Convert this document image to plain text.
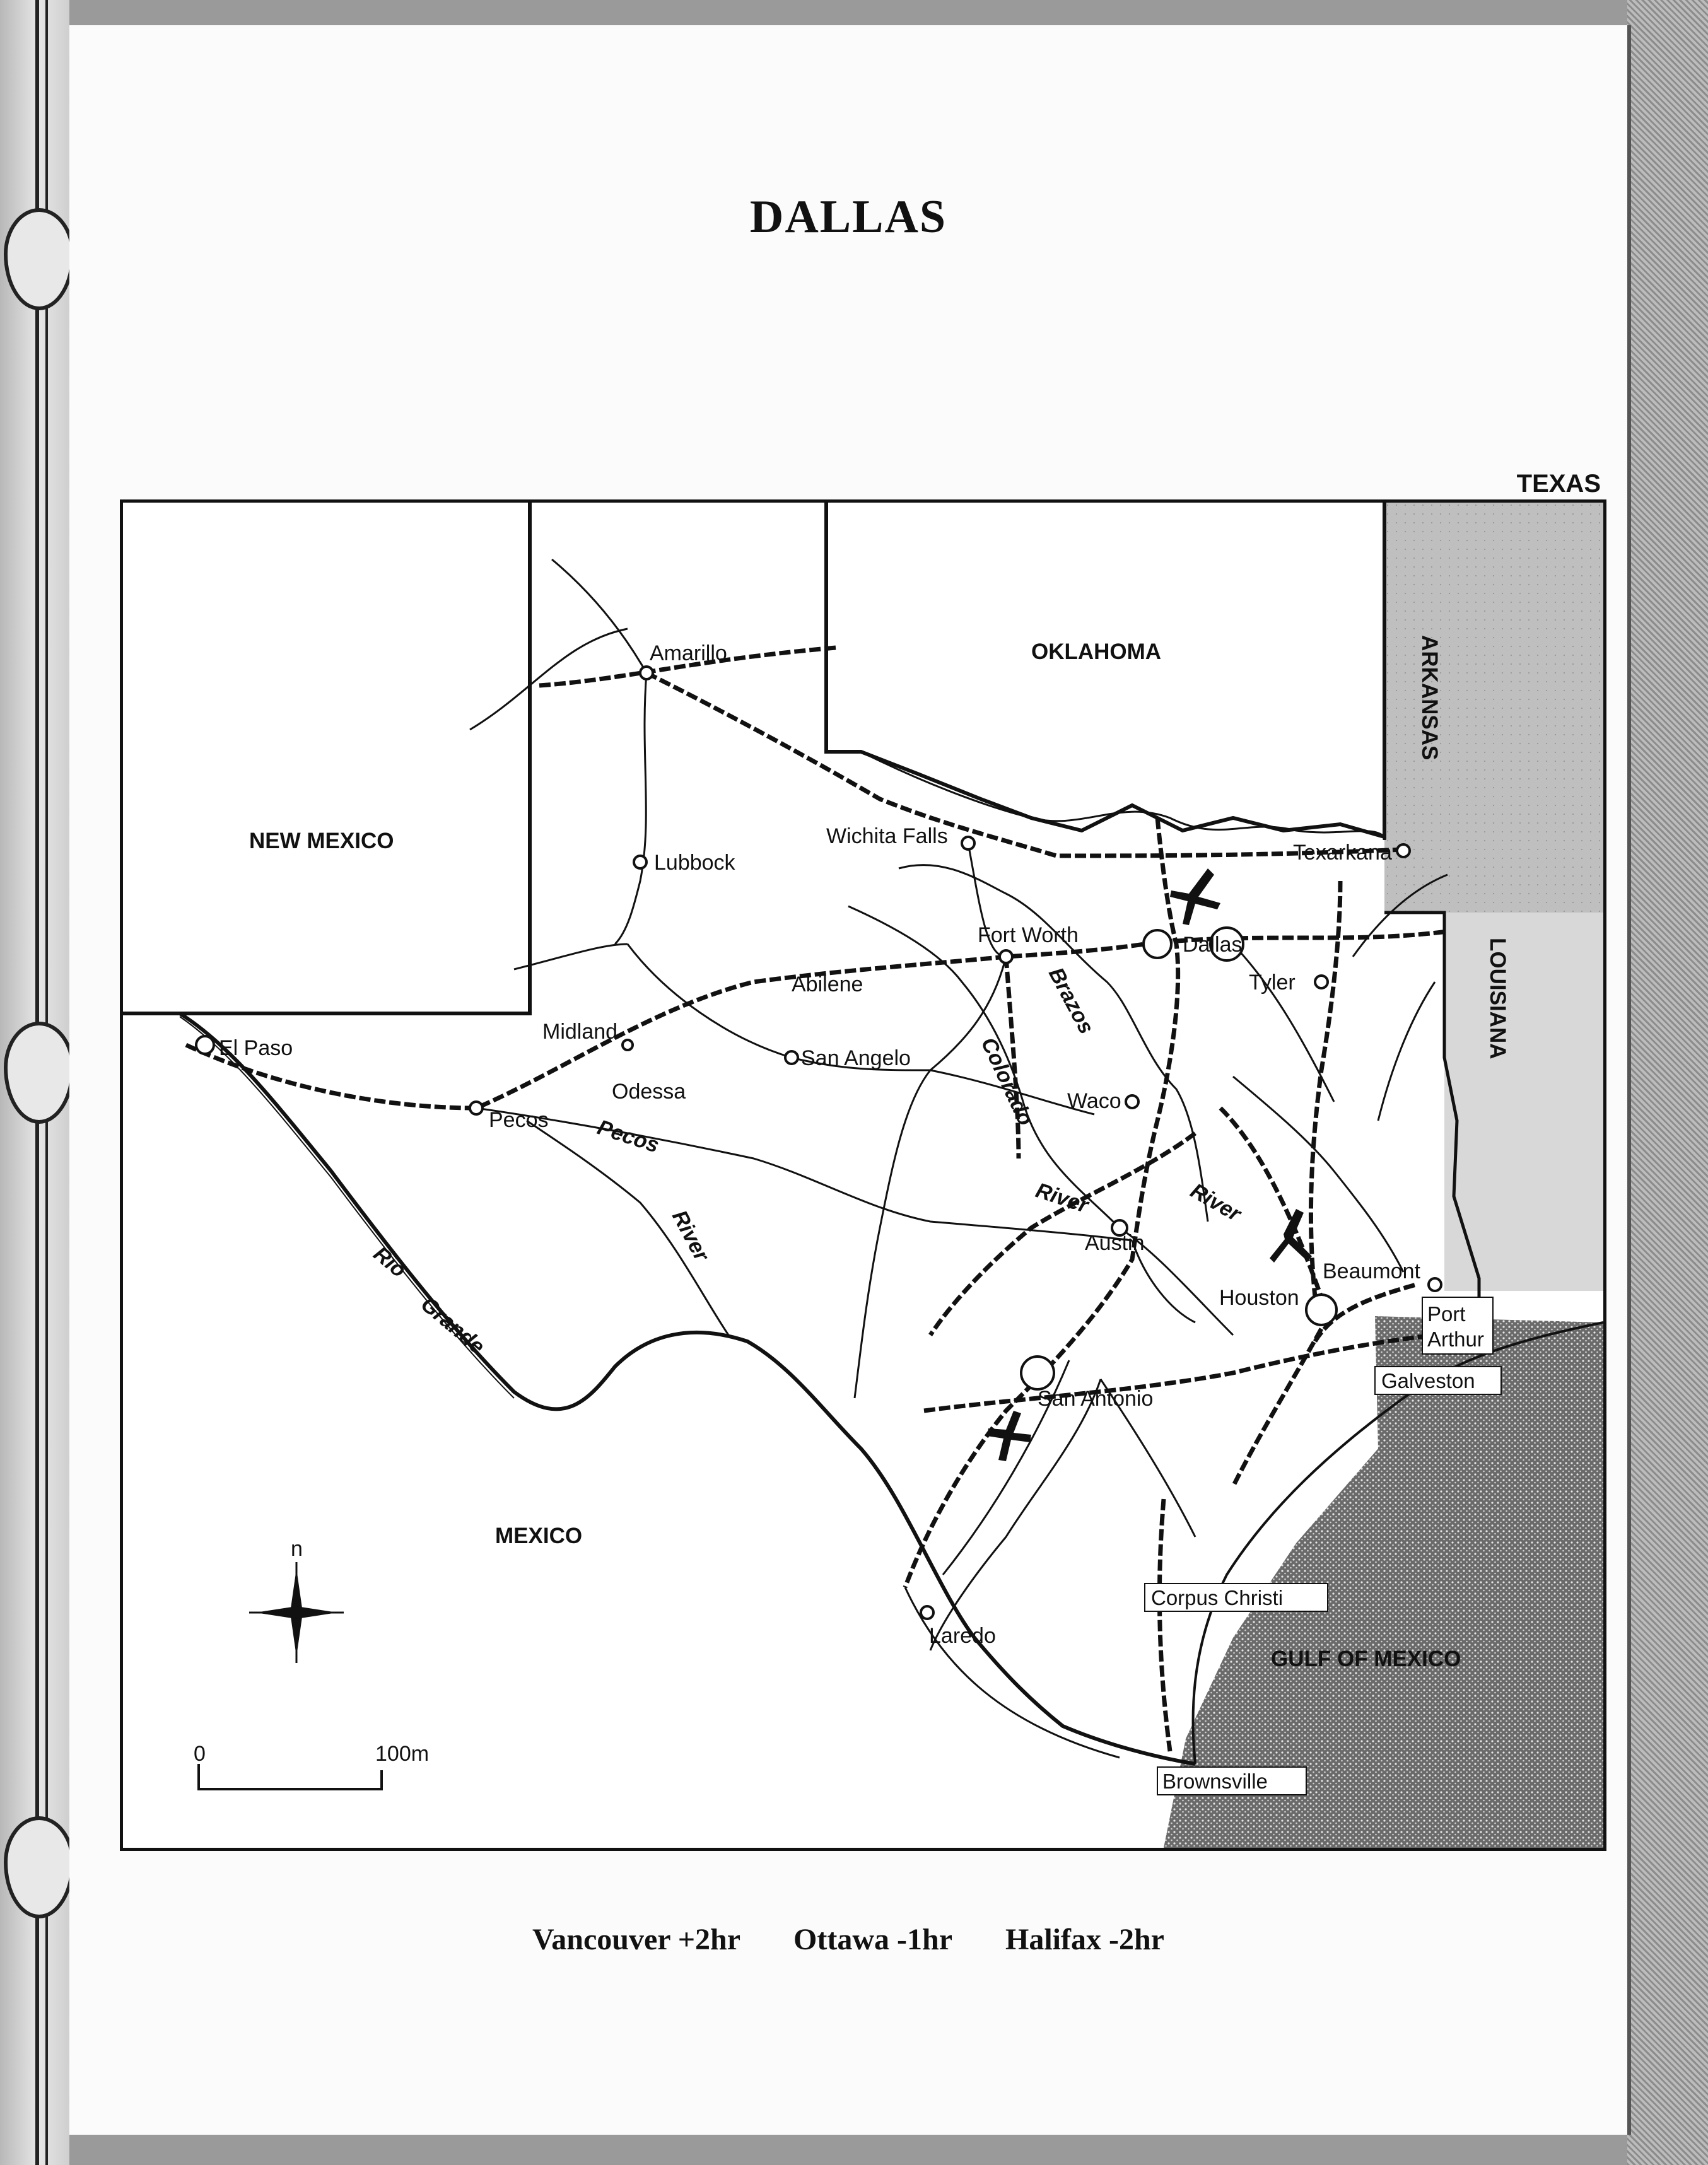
DALLAS
TEXAS
n
0	100m
NEW MEXICO
OKLAHOMA	ARKANSAS
LOUISIANA
MEXICO
GULF OF MEXICO
Amarillo
Lubbock
Wichita Falls
Texarkana
Fort Worth	Dallas
Tyler
Midland
Odessa
Abilene
San Angelo
El Paso
Pecos
Waco
Austin
Houston
Beaumont
Port
Arthur
Galveston
San Antonio
Laredo
Corpus Christi
Brownsville
Pecos
River
Rio
Grande
Brazos
Colorado
River	River
Vancouver +2hr Ottawa -1hr Halifax -2hr
